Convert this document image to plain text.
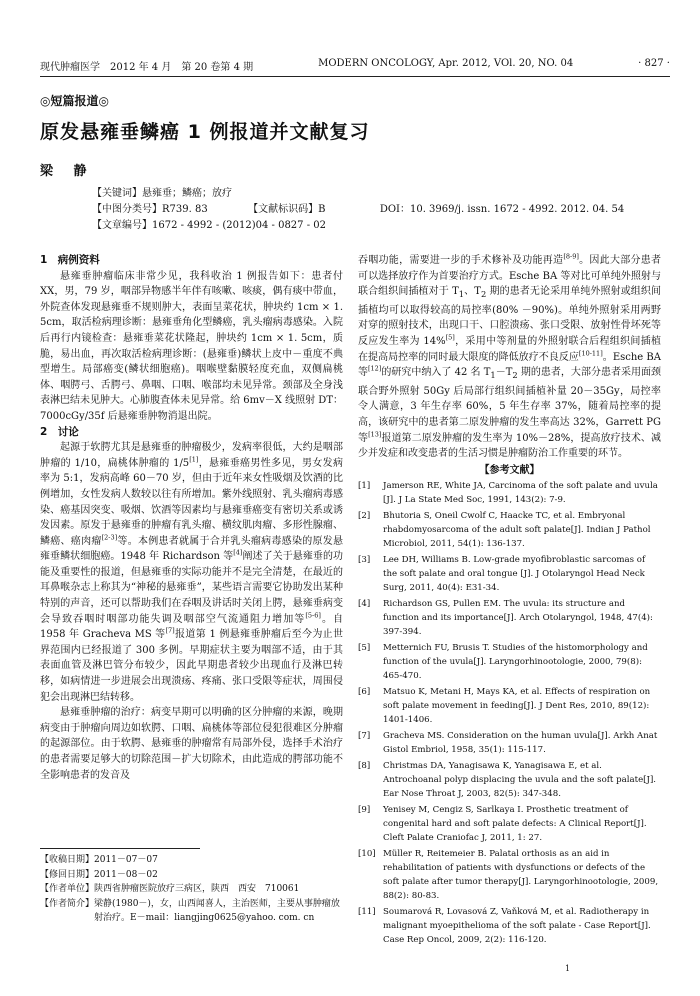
现代肿瘤医学　2012 年 4 月　第 20 卷第 4 期	MODERN ONCOLOGY, Apr. 2012, VOl. 20, NO. 04	· 827 ·
◎短篇报道◎
原发悬雍垂鳞癌 1 例报道并文献复习
梁 静
【关键词】悬雍垂；鳞癌；放疗
【中图分类号】R739. 83	【文献标识码】B	DOI：10. 3969/j. issn. 1672 - 4992. 2012. 04. 54
【文章编号】1672 - 4992 - (2012)04 - 0827 - 02
1　病例资料

悬雍垂肿瘤临床非常少见，我科收治 1 例报告如下：患者付 XX，男，79 岁，咽部异物感半年伴有咳嗽、咳痰，偶有痰中带血，外院查体发现悬雍垂不规则肿大，表面呈菜花状，肿块约 1cm × 1. 5cm，取活检病理诊断：悬雍垂角化型鳞癌，乳头瘤病毒感染。入院后再行内镜检查：悬雍垂菜花状隆起，肿块约 1cm × 1. 5cm，质脆，易出血，再次取活检病理诊断：(悬雍垂)鳞状上皮中－重度不典型增生。局部癌变(鳞状细胞癌)。咽喉壁黏膜轻度充血，双侧扁桃体、咽腭弓、舌腭弓、鼻咽、口咽、喉部均未见异常。颈部及全身浅表淋巴结未见肿大。心肺腹査体未见异常。给 6mv－X 线照射 DT：7000cGy/35f 后悬雍垂肿物消退出院。

2　讨论

起源于软腭尤其是悬雍垂的肿瘤极少，发病率很低，大约是咽部肿瘤的 1/10，扁桃体肿瘤的 1/5[1]，悬雍垂癌男性多见，男女发病率为 5:1，发病高峰 60－70 岁，但由于近年来女性吸烟及饮酒的比例增加，女性发病人数较以往有所增加。紫外线照射、乳头瘤病毒感染、癌基因突变、吸烟、饮酒等因素均与悬雍垂癌变有密切关系或诱发因素。原发于悬雍垂的肿瘤有乳头瘤、横纹肌肉瘤、多形性腺瘤、鳞癌、癌肉瘤[2-3]等。本例患者就属于合并乳头瘤病毒感染的原发悬雍垂鳞状细胞癌。1948 年 Richardson 等[4]阐述了关于悬雍垂的功能及重要性的报道，但悬雍垂的实际功能并不是完全清楚，在最近的耳鼻喉杂志上称其为“神秘的悬雍垂”，某些语言需要它协助发出某种特别的声音，还可以帮助我们在吞咽及讲话时关闭上腭，悬雍垂病变会导致吞咽时咽部功能失调及咽部空气流通阻力增加等[5-6]。自 1958 年 Gracheva MS 等[7]报道第 1 例悬雍垂肿瘤后至今为止世界范围内已经报道了 300 多例。早期症状主要为咽部不适，由于其表面血管及淋巴管分布较少，因此早期患者较少出现血行及淋巴转移，如病情进一步进展会出现溃疡、疼痛、张口受限等症状，周围侵犯会出现淋巴结转移。

悬雍垂肿瘤的治疗：病变早期可以明确的区分肿瘤的来源，晚期病变由于肿瘤向周边如软腭、口咽、扁桃体等部位侵犯很难区分肿瘤的起源部位。由于软腭、悬雍垂的肿瘤常有局部外侵，选择手术治疗的患者需要足够大的切除范围－扩大切除术，由此造成的腭部功能不全影响患者的发音及

吞咽功能，需要进一步的手术修补及功能再造[8-9]。因此大部分患者可以选择放疗作为首要治疗方式。Esche BA 等对比可单纯外照射与联合组织间插植对于 $T_1$、$T_2$ 期的患者无论采用单纯外照射或组织间插植均可以取得较高的局控率(80% －90%)。单纯外照射采用两野对穿的照射技术，出现口干、口腔溃疡、张口受限、放射性骨坏死等反应发生率为 14%[5]，采用中等剂量的外照射联合后程组织间插植在提高局控率的同时最大限度的降低放疗不良反应[10-11]。Esche BA 等[12]的研究中纳入了 42 名 $T_1-T_2$ 期的患者，大部分患者采用面颈联合野外照射 50Gy 后局部行组织间插植补量 20－35Gy，局控率令人满意，3 年生存率 60%，5 年生存率 37%，随着局控率的提高，该研究中的患者第二原发肿瘤的发生率高达 32%，Garrett PG 等[13]报道第二原发肿瘤的发生率为 10%－28%，提高放疗技术、减少并发症和改变患者的生活习惯是肿瘤防治工作重要的环节。

【参考文献】
[1]	Jamerson RE, White JA, Carcinoma of the soft palate and uvula [J]. J La State Med Soc, 1991, 143(2): 7-9.
[2]	Bhutoria S, Oneil Cwolf C, Haacke TC, et al. Embryonal rhabdomyosarcoma of the adult soft palate[J]. Indian J Pathol Microbiol, 2011, 54(1): 136-137.
[3]	Lee DH, Williams B. Low-grade myofibroblastic sarcomas of the soft palate and oral tongue [J]. J Otolaryngol Head Neck Surg, 2011, 40(4): E31-34.
[4]	Richardson GS, Pullen EM. The uvula: its structure and function and its importance[J]. Arch Otolaryngol, 1948, 47(4): 397-394.
[5]	Metternich FU, Brusis T. Studies of the histomorphology and function of the uvula[J]. Laryngorhinootologie, 2000, 79(8): 465-470.
[6]	Matsuo K, Metani H, Mays KA, et al. Effects of respiration on soft palate movement in feeding[J]. J Dent Res, 2010, 89(12): 1401-1406.
[7]	Gracheva MS. Consideration on the human uvula[J]. Arkh Anat Gistol Embriol, 1958, 35(1): 115-117.
[8]	Christmas DA, Yanagisawa K, Yanagisawa E, et al. Antrochoanal polyp displacing the uvula and the soft palate[J]. Ear Nose Throat J, 2003, 82(5): 347-348.
[9]	Yenisey M, Cengiz S, Sarlkaya I. Prosthetic treatment of congenital hard and soft palate defects: A Clinical Report[J]. Cleft Palate Craniofac J, 2011, 1: 27.
[10] Müller R, Reitemeier B. Palatal orthosis as an aid in rehabilitation of patients with dysfunctions or defects of the soft palate after tumor therapy[J]. Laryngorhinootologie, 2009, 88(2): 80-83.
[11] Soumarová R, Lovasová Z, Vaňková M, et al. Radiotherapy in malignant myoepithelioma of the soft palate - Case Report[J]. Case Rep Oncol, 2009, 2(2): 116-120.
【收稿日期】 2011－07－07
【修回日期】 2011－08－02
【作者单位】 陕西省肿瘤医院放疗三病区，陕西　西安　710061
【作者简介】 梁静(1980－)，女，山西闻喜人，主治医师，主要从事肿瘤放射治疗。E－mail：liangjing0625@yahoo. com. cn
1
